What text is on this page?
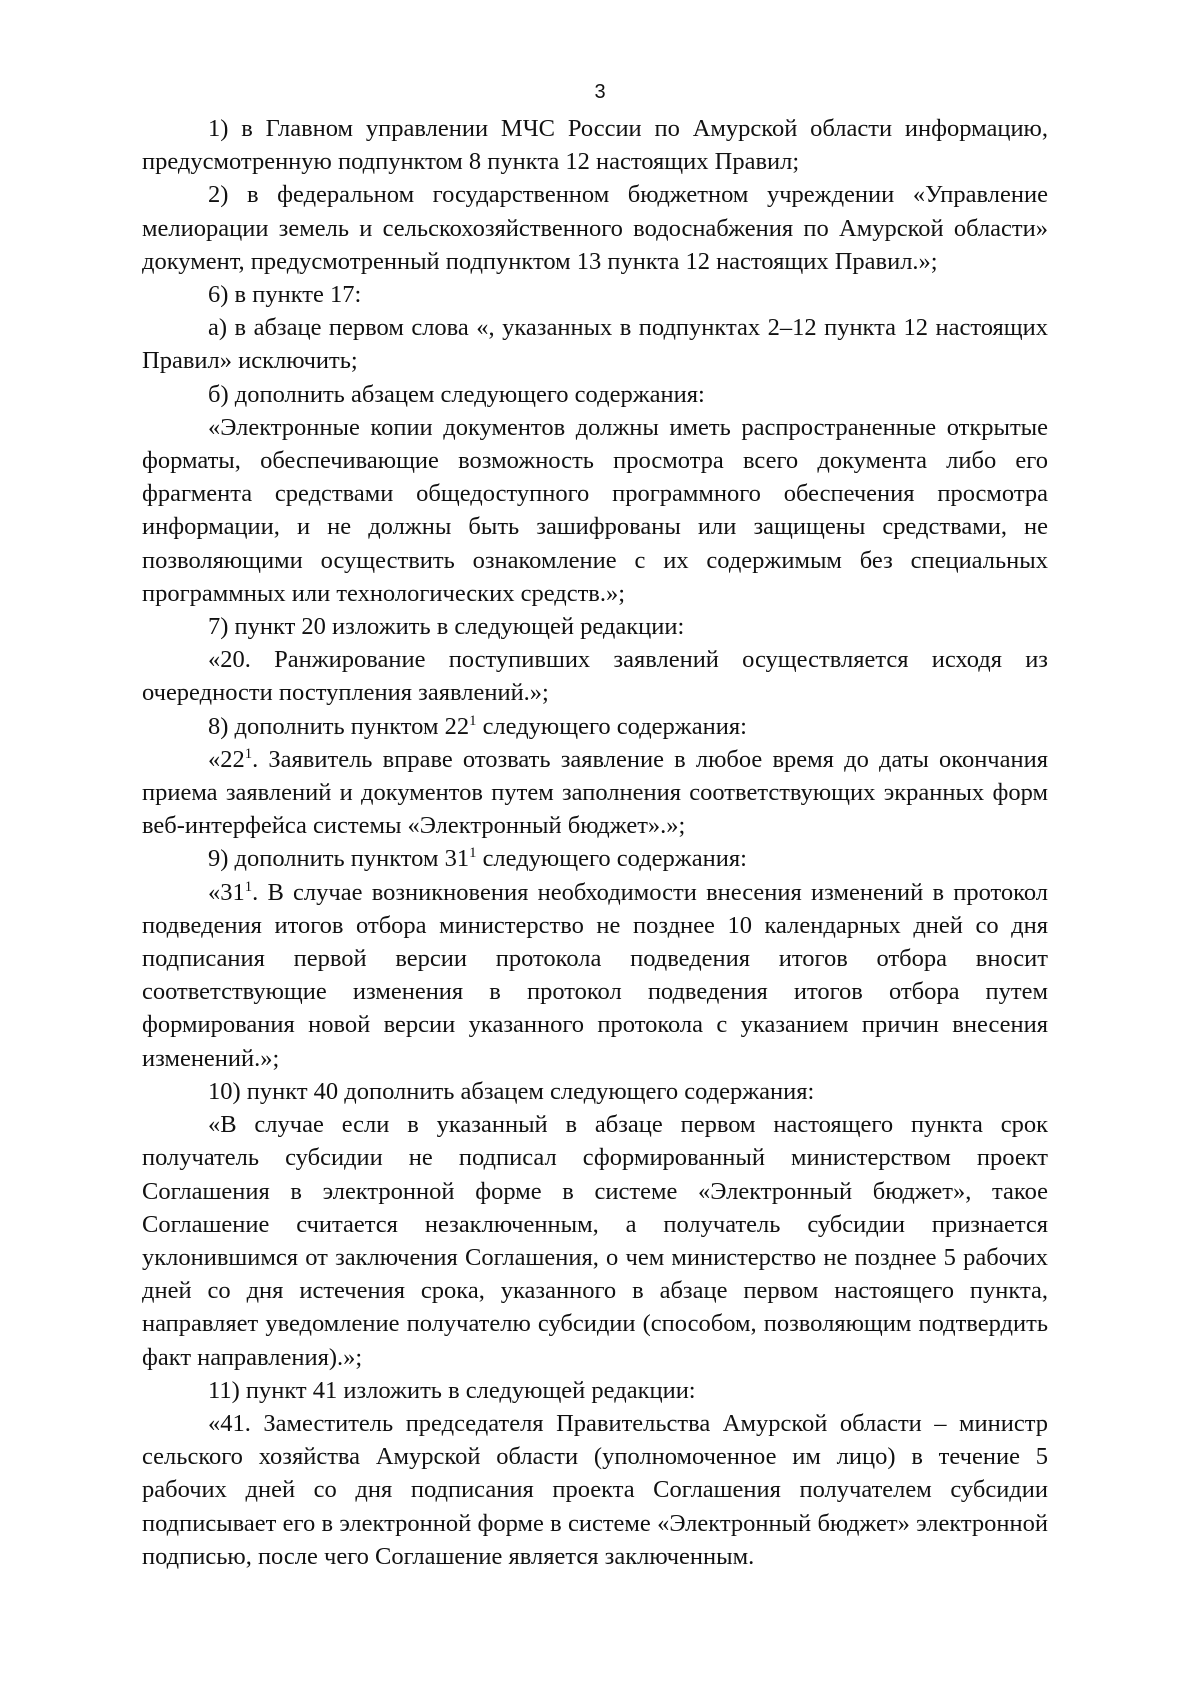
3

1) в Главном управлении МЧС России по Амурской области информацию, предусмотренную подпунктом 8 пункта 12 настоящих Правил;

2) в федеральном государственном бюджетном учреждении «Управление мелиорации земель и сельскохозяйственного водоснабжения по Амурской области» документ, предусмотренный подпунктом 13 пункта 12 настоящих Правил.»;

6) в пункте 17:

а) в абзаце первом слова «, указанных в подпунктах 2–12 пункта 12 настоящих Правил» исключить;

б) дополнить абзацем следующего содержания:

«Электронные копии документов должны иметь распространенные открытые форматы, обеспечивающие возможность просмотра всего документа либо его фрагмента средствами общедоступного программного обеспечения просмотра информации, и не должны быть зашифрованы или защищены средствами, не позволяющими осуществить ознакомление с их содержимым без специальных программных или технологических средств.»;

7) пункт 20 изложить в следующей редакции:

«20. Ранжирование поступивших заявлений осуществляется исходя из очередности поступления заявлений.»;

8) дополнить пунктом $22^1$ следующего содержания:

«$22^1$. Заявитель вправе отозвать заявление в любое время до даты окончания приема заявлений и документов путем заполнения соответствующих экранных форм веб-интерфейса системы «Электронный бюджет».»;

9) дополнить пунктом $31^1$ следующего содержания:

«$31^1$. В случае возникновения необходимости внесения изменений в протокол подведения итогов отбора министерство не позднее 10 календарных дней со дня подписания первой версии протокола подведения итогов отбора вносит соответствующие изменения в протокол подведения итогов отбора путем формирования новой версии указанного протокола с указанием причин внесения изменений.»;

10) пункт 40 дополнить абзацем следующего содержания:

«В случае если в указанный в абзаце первом настоящего пункта срок получатель субсидии не подписал сформированный министерством проект Соглашения в электронной форме в системе «Электронный бюджет», такое Соглашение считается незаключенным, а получатель субсидии признается уклонившимся от заключения Соглашения, о чем министерство не позднее 5 рабочих дней со дня истечения срока, указанного в абзаце первом настоящего пункта, направляет уведомление получателю субсидии (способом, позволяющим подтвердить факт направления).»;

11) пункт 41 изложить в следующей редакции:

«41. Заместитель председателя Правительства Амурской области – министр сельского хозяйства Амурской области (уполномоченное им лицо) в течение 5 рабочих дней со дня подписания проекта Соглашения получателем субсидии подписывает его в электронной форме в системе «Электронный бюджет» электронной подписью, после чего Соглашение является заключенным.
